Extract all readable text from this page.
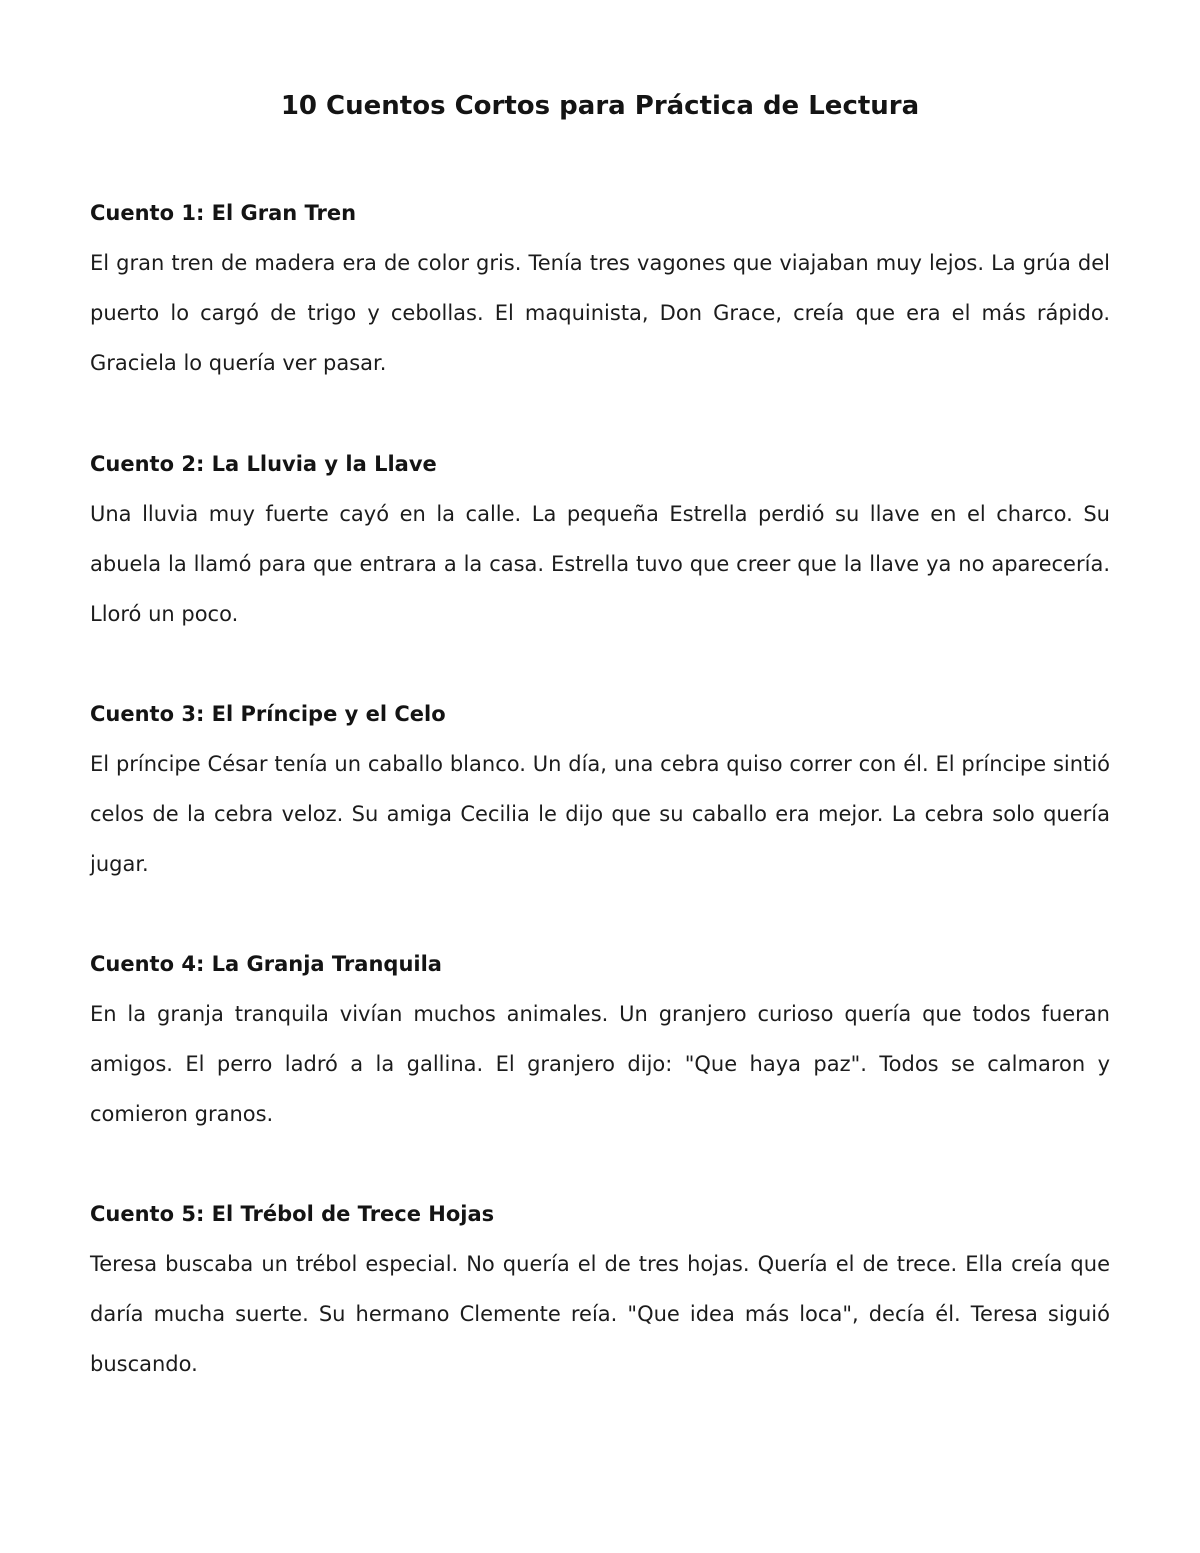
10 Cuentos Cortos para Práctica de Lectura
Cuento 1: El Gran Tren

El gran tren de madera era de color gris. Tenía tres vagones que viajaban muy lejos. La grúa del puerto lo cargó de trigo y cebollas. El maquinista, Don Grace, creía que era el más rápido. Graciela lo quería ver pasar.

Cuento 2: La Lluvia y la Llave

Una lluvia muy fuerte cayó en la calle. La pequeña Estrella perdió su llave en el charco. Su abuela la llamó para que entrara a la casa. Estrella tuvo que creer que la llave ya no aparecería. Lloró un poco.

Cuento 3: El Príncipe y el Celo

El príncipe César tenía un caballo blanco. Un día, una cebra quiso correr con él. El príncipe sintió celos de la cebra veloz. Su amiga Cecilia le dijo que su caballo era mejor. La cebra solo quería jugar.

Cuento 4: La Granja Tranquila

En la granja tranquila vivían muchos animales. Un granjero curioso quería que todos fueran amigos. El perro ladró a la gallina. El granjero dijo: "Que haya paz". Todos se calmaron y comieron granos.

Cuento 5: El Trébol de Trece Hojas

Teresa buscaba un trébol especial. No quería el de tres hojas. Quería el de trece. Ella creía que daría mucha suerte. Su hermano Clemente reía. "Que idea más loca", decía él. Teresa siguió buscando.
